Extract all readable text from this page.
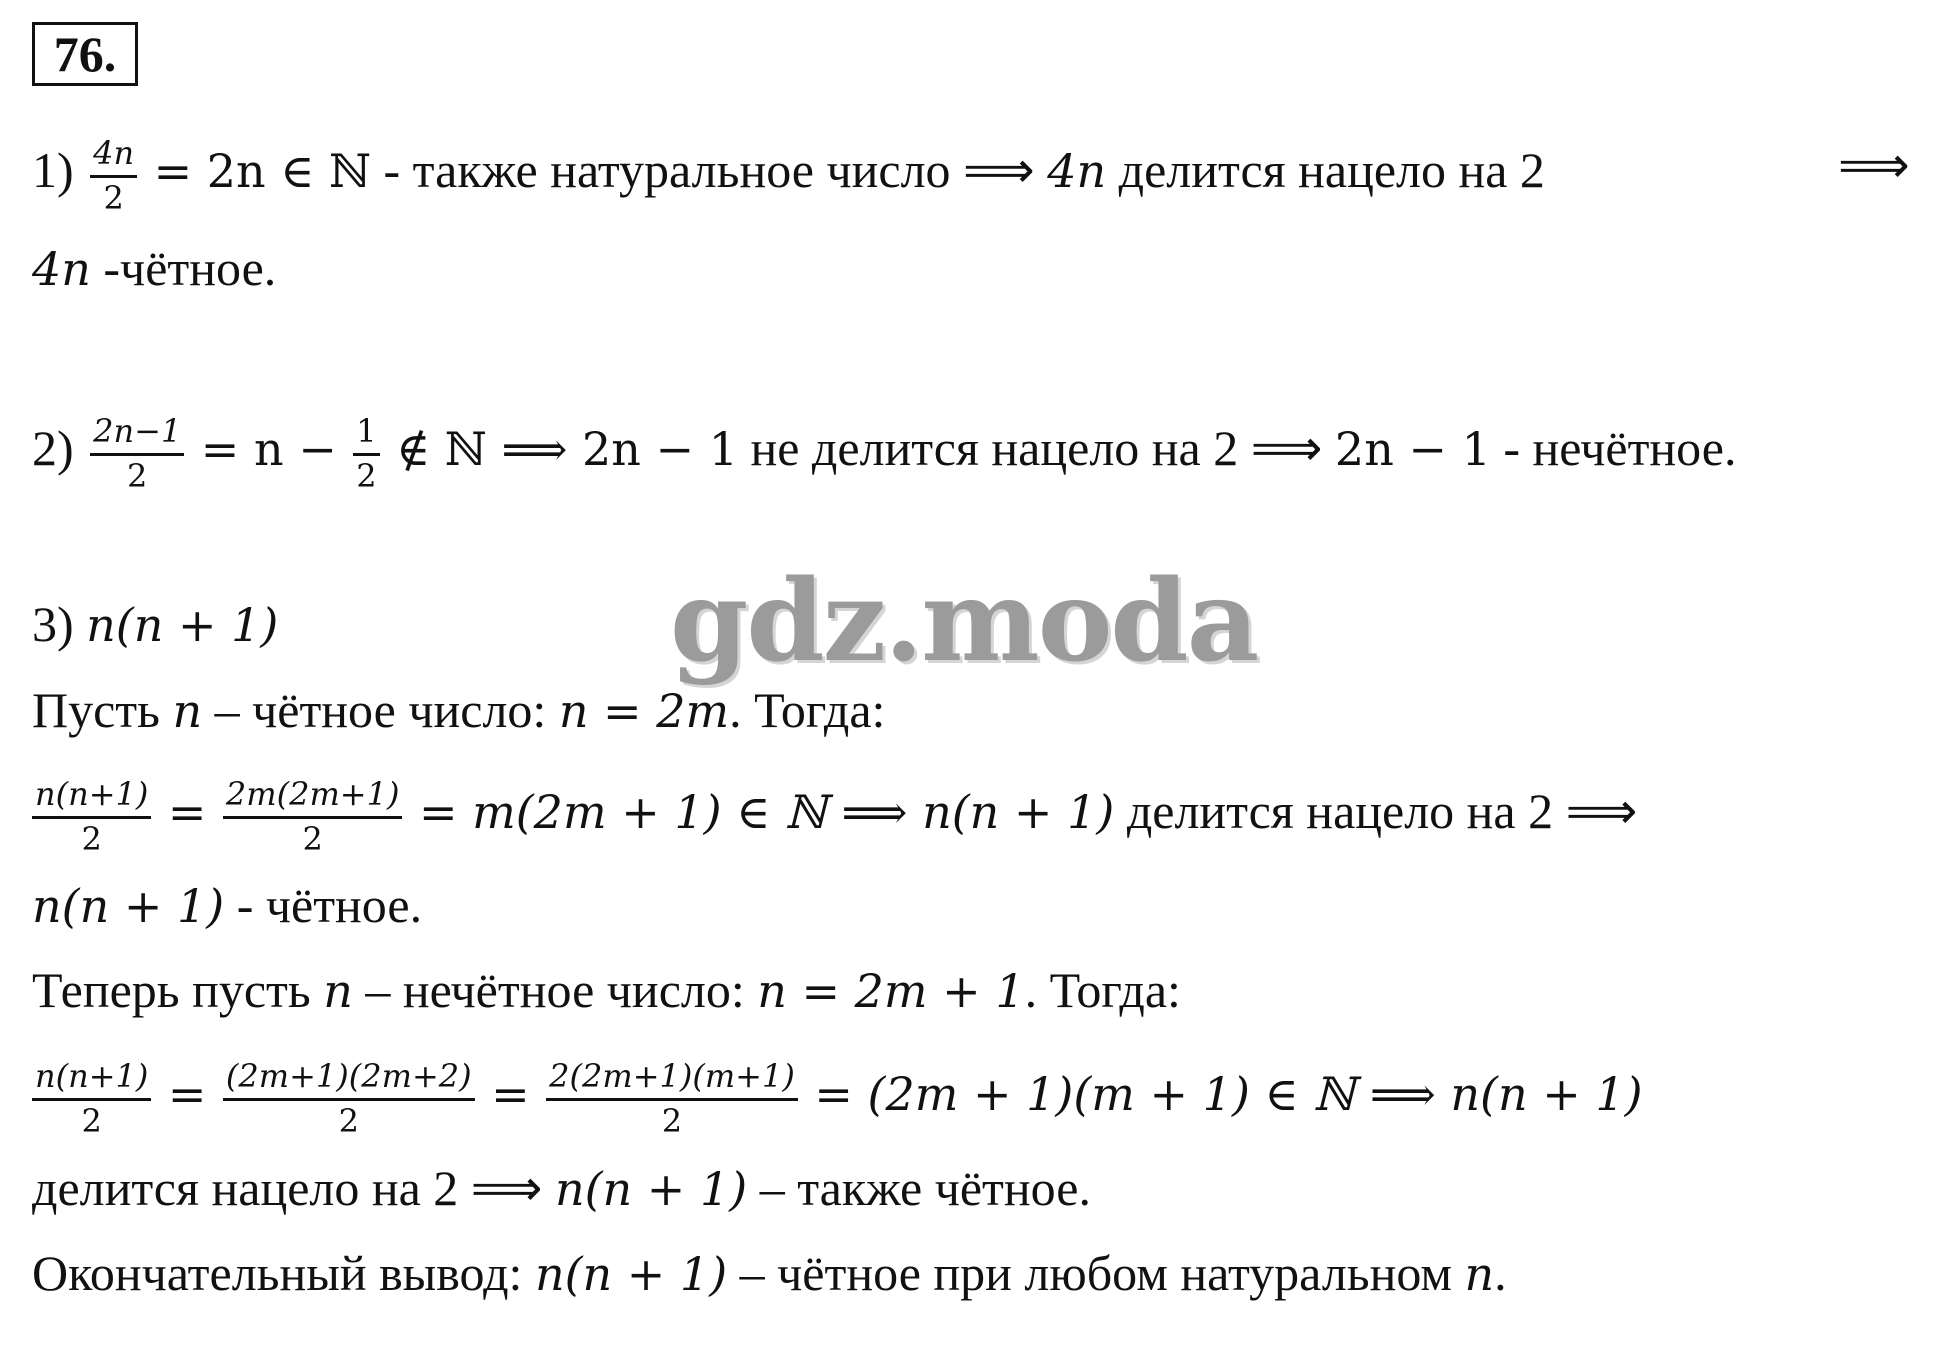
76.
$1) \frac{4n}{2} = 2n$ ∈ ℕ - также натуральное число ⟹ 4n делится нацело на 2	⟹
4n -чётное.
$2) \frac{2n-1}{2} = n - \frac{1}{2}$ ∉ ℕ ⟹ 2n − 1 не делится нацело на 2 ⟹ 2n − 1 - нечётное.
3) n(n + 1)
Пусть n – чётное число: n = 2m. Тогда:
$\frac{n(n+1)}{2} = \frac{2m(2m+1)}{2} = m(2m + 1)$ ∈ ℕ ⟹ n(n + 1) делится нацело на 2 ⟹
n(n + 1) - чётное.
Теперь пусть n – нечётное число: n = 2m + 1. Тогда:
$\frac{n(n+1)}{2} = \frac{(2m+1)(2m+2)}{2} = \frac{2(2m+1)(m+1)}{2} = (2m + 1)(m + 1)$ ∈ ℕ ⟹ n(n + 1)
делится нацело на 2 ⟹ n(n + 1) – также чётное.
Окончательный вывод: n(n + 1) – чётное при любом натуральном n.
gdz.moda
